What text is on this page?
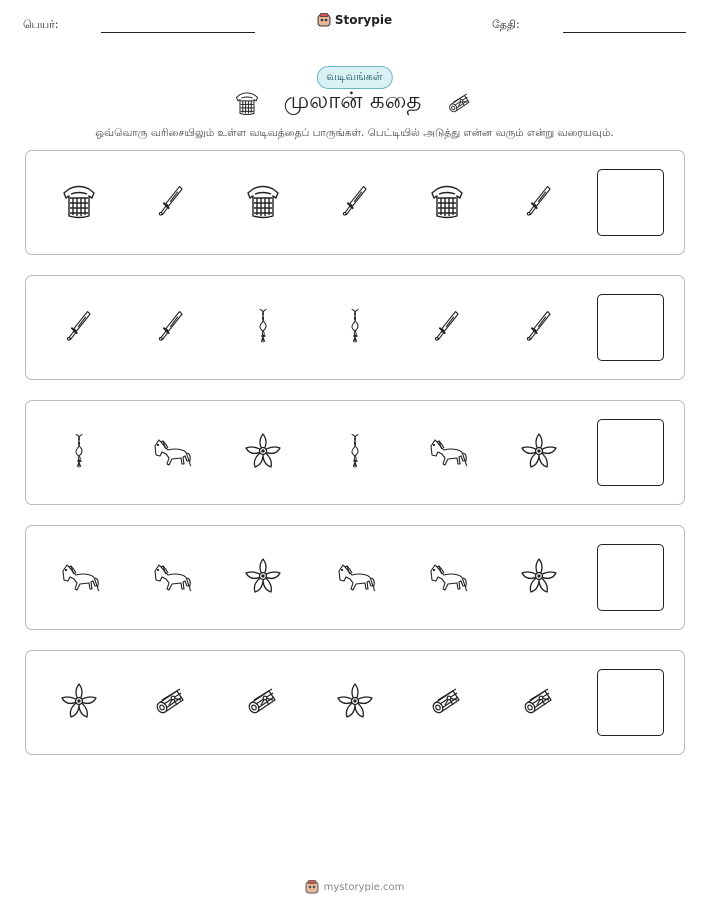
பெயர்:	Storypie	தேதி:
வடிவங்கள்
முலான் கதை
ஒவ்வொரு வரிசையிலும் உள்ள வடிவத்தைப் பாருங்கள். பெட்டியில் அடுத்து என்ன வரும் என்று வரையவும்.
mystorypie.com
